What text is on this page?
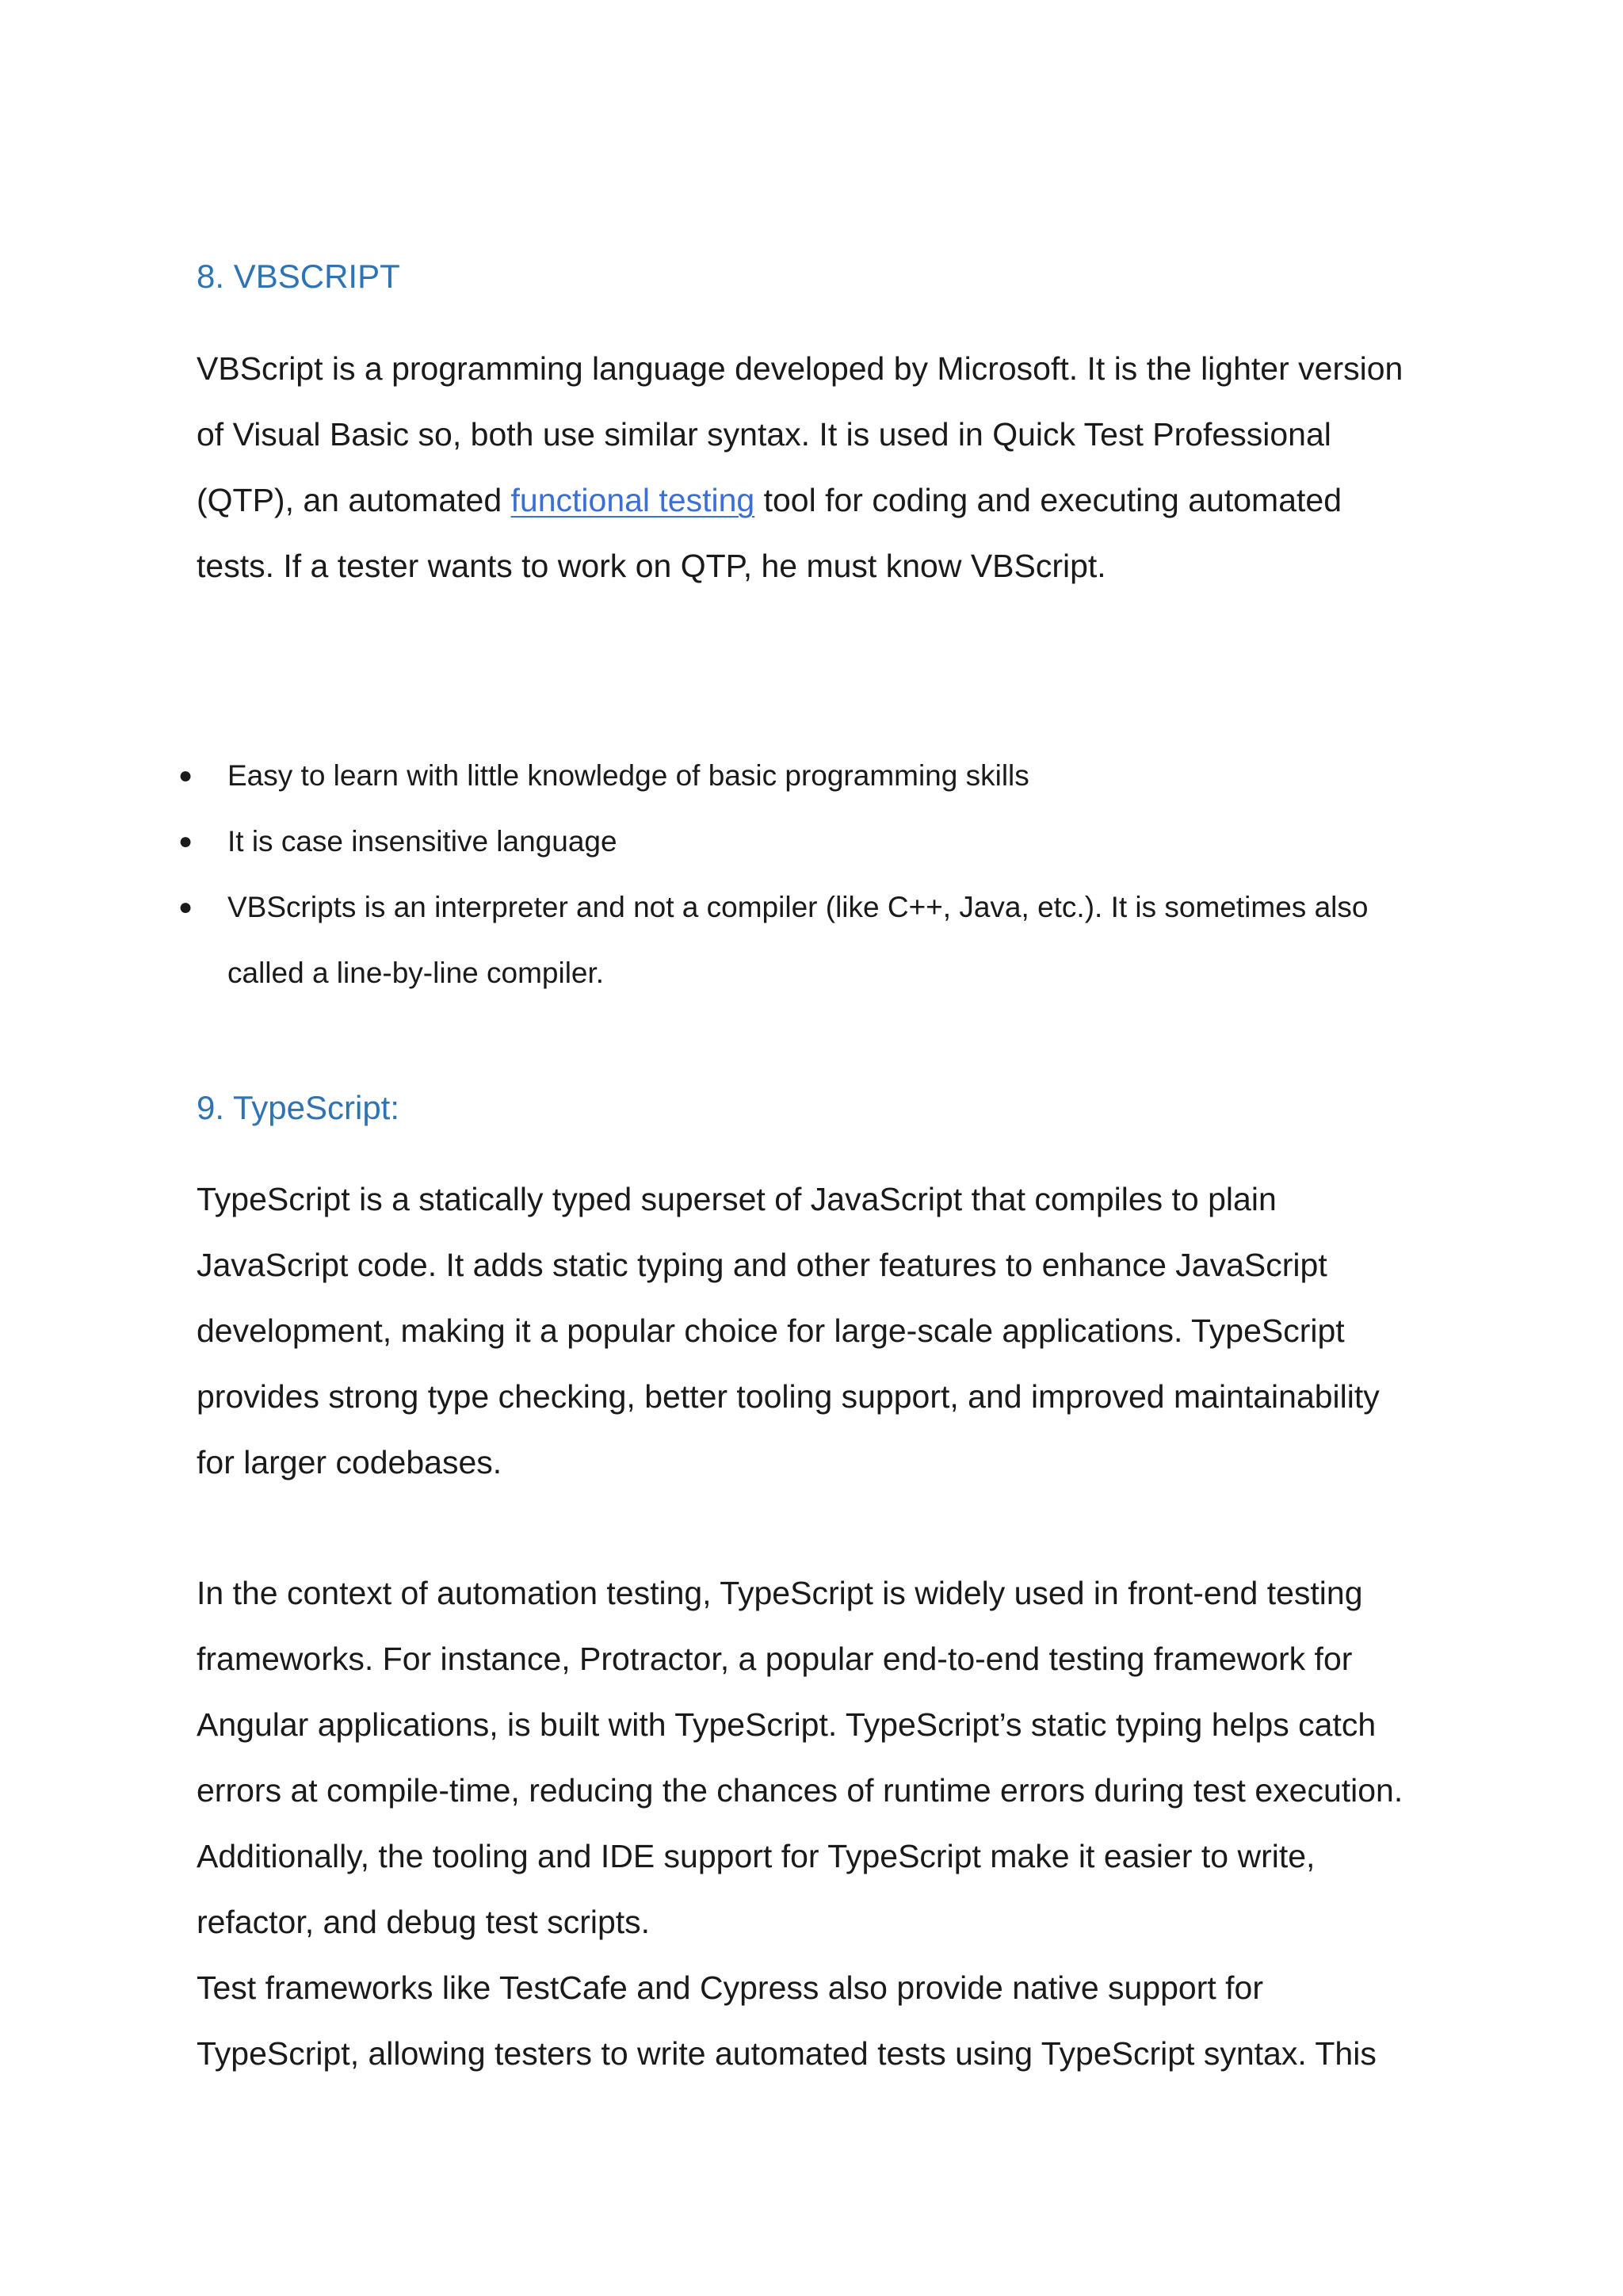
8. VBSCRIPT

VBScript is a programming language developed by Microsoft. It is the lighter version
of Visual Basic so, both use similar syntax. It is used in Quick Test Professional
(QTP), an automated functional testing tool for coding and executing automated
tests. If a tester wants to work on QTP, he must know VBScript.

● Easy to learn with little knowledge of basic programming skills
● It is case insensitive language
● VBScripts is an interpreter and not a compiler (like C++, Java, etc.). It is sometimes also
called a line-by-line compiler.
9. TypeScript:

TypeScript is a statically typed superset of JavaScript that compiles to plain
JavaScript code. It adds static typing and other features to enhance JavaScript
development, making it a popular choice for large-scale applications. TypeScript
provides strong type checking, better tooling support, and improved maintainability
for larger codebases.

In the context of automation testing, TypeScript is widely used in front-end testing
frameworks. For instance, Protractor, a popular end-to-end testing framework for
Angular applications, is built with TypeScript. TypeScript’s static typing helps catch
errors at compile-time, reducing the chances of runtime errors during test execution.
Additionally, the tooling and IDE support for TypeScript make it easier to write,
refactor, and debug test scripts.
Test frameworks like TestCafe and Cypress also provide native support for
TypeScript, allowing testers to write automated tests using TypeScript syntax. This
